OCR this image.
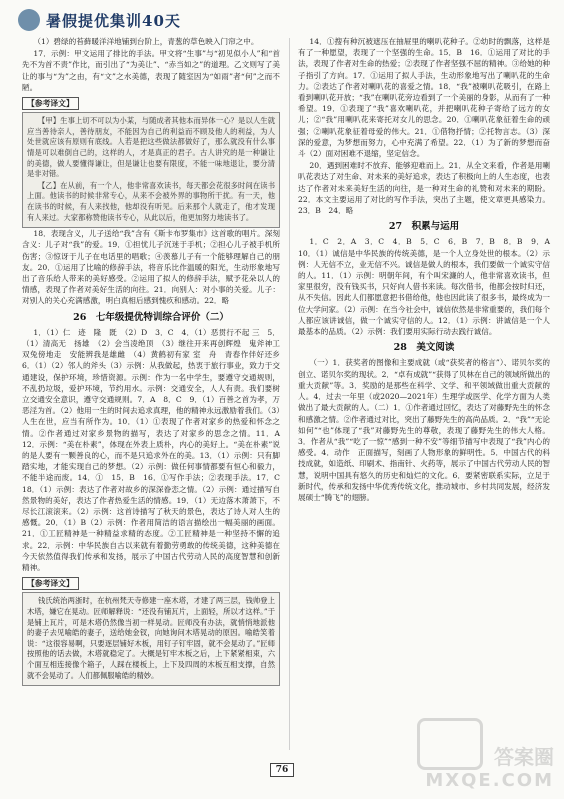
暑假提优集训40天

（1）碧绿的苔藓暖洋洋地铺到台阶上，青葱的草色映入门帘之中。

17．示例：甲文运用了排比的手法。甲文将“生事”与“初见似小人”和“首先不为首不责”作比，而引出了“为美让”、“赤当如之”的道理。乙文则写了美让的事与“为”之由，有“文”之水美德，表现了随室因为“如雨”者“何”之而不陋。

【参考译文】

【甲】生事上切不可以为小某，与随成者其他本而异体一心？是以人生就应当善待亲人，善待朋友，不能因为自己的利益而不顾及他人的利益，为人处世就应该有原则有底线。人若是把这些做法都做好了，那么就没有什么事情是可以难倒自己的，这样的人，才是真正的君子。古人讲究的是一种谦让的美德，做人要懂得谦让，但是谦让也要有限度，不能一味地退让，要分清是非对错。

【乙】在从前，有一个人，他非常喜欢读书，每天都会花很多时间在读书上面。他读书的时候非常专心，从来不会被外界的事物所干扰。有一天，他在读书的时候，有人来找他，他却没有听见。后来那个人就走了，他才发现有人来过。大家都称赞他读书专心，从此以后，他更加努力地读书了。

18．表现含义，儿子送给“我”含有《斯卡布罗集市》这首歌的唱片。深刻含义：儿子对“我”的爱。19．①担忧儿子沉迷于手机；②担心儿子被手机所伤害；③惊讶于儿子在电话里的唱歌；④羡慕儿子有一个能够理解自己的朋友。20．①运用了比喻的修辞手法，将音乐比作温暖的阳光，生动形象地写出了音乐给人带来的美好感受。②运用了拟人的修辞手法，赋予花朵以人的情感，表现了作者对美好生活的向往。21．向别人：对小事的关爱。儿子：对别人的关心充满感激，明白真相后感到愧疚和感动。22．略

26　七年级提优特训综合评价（二）

1．（1）仁　迹　隆　既　（2）D　3．C　4．（1）恶贯行不起 三　5．（1）清高无　扬雄　（2）会当凌绝顶　（3）继往开来再创辉煌　鬼斧神工　双兔傍地走　安能辨我是雄雌　（4）黄鹤初有家 室　舟　青春作伴好还乡　6．（1）（2）邻人的斧头（3）示例：从我做起，热衷于旅行事业，致力于交通建设，保护环境，珍惜资源。示例：作为一名中学生，要遵守交通规则，不乱扔垃圾，爱护环境，节约用水。示例：交通安全，人人有责。我们要树立交通安全意识，遵守交通规则。7．A　8．C　9．（1）百善之首为孝，万恶淫为首。（2）他用一生的时间去追求真理，他的精神永远激励着我们。（3）人生在世，应当有所作为。10．（1）①表现了作者对家乡的热爱和怀念之情。②作者通过对家乡景物的描写，表达了对家乡的思念之情。11．A　12．示例：“美在朴素”，体现在外表上质朴，内心的美好上。“美在朴素”说的是人要有一颗善良的心，而不是只追求外在的美。13．（1）示例：只有脚踏实地，才能实现自己的梦想。（2）示例：做任何事情都要有恒心和毅力，不能半途而废。14．①　15．B　16．①写作手法；②表现手法。17．C　18．（1）示例：表达了作者对故乡的深深眷恋之情。（2）示例：通过描写自然景物的美好，表达了作者热爱生活的情感。19．（1）无边落木萧萧下，不尽长江滚滚来。（2）示例：这首诗描写了秋天的景色，表达了诗人对人生的感慨。20．（1）B（2）示例：作者用简洁的语言描绘出一幅美丽的画面。21．①工匠精神是一种精益求精的态度。②工匠精神是一种坚持不懈的追求。22．示例：中华民族自古以来就有着勤劳勇敢的传统美德，这种美德在今天依然值得我们传承和发扬，展示了中国古代劳动人民的高度智慧和创新精神。

【参考译文】

钱氏统治两浙时，在杭州梵天寺修建一座木塔，才建了两三层，钱帅登上木塔，嫌它在晃动。匠师解释说：“还没有铺瓦片，上面轻，所以才这样。”于是铺上瓦片，可是木塔仍然像当初一样晃动。匠师没有办法，就悄悄地派他的妻子去见喻皓的妻子，送给她金钗，向她询问木塔晃动的原因。喻皓笑着说：“这很容易啊，只要逐层铺好木板，用钉子钉牢固，就不会晃动了。”匠师按照他的话去做，木塔就稳定了。大概是钉牢木板之后，上下紧紧相束，六个面互相连接像个箱子，人踩在楼板上，上下及四周的木板互相支撑，自然就不会晃动了。人们都佩服喻皓的精妙。

14．①搜有种沉被遮压在抽屉里的喇叭花种子。②幼时的飘落，这样是有了一种愿望，表现了一个坚强的生命。15．B　16．①运用了对比的手法，表现了作者对生命的热爱；②表现了作者坚强不屈的精神。③给她的种子指引了方向。17．①运用了拟人手法，生动形象地写出了喇叭花的生命力。②表达了作者对喇叭花的喜爱之情。18．“我”被喇叭花吸引，在路上看到喇叭花开放；“我”在喇叭花旁边看到了一个美丽的身影，从而有了一种希望。19．①表现了“我”喜欢喇叭花，并把喇叭花种子寄给了远方的女儿；②“我”用喇叭花来寄托对女儿的思念。20．①喇叭花象征着生命的顽强；②喇叭花象征着母爱的伟大。21．①借物抒情；②托物言志。（3）深深的爱意，为梦想而努力，心中充满了希望。22．（1）为了新的梦想而奋斗（2）面对困难不退缩，坚定信念。

20．遇到困难时不放弃、能够迎难而上。21．从全文来看，作者是用喇叭花表达了对生命、对未来的美好追求，表达了积极向上的人生态度，也表达了作者对未来美好生活的向往，是一种对生命的礼赞和对未来的期盼。22．本文主要运用了对比的写作手法，突出了主题，使文章更具感染力。23．B　24．略

27　积累与运用

1．C　2．A　3．C　4．B　5．C　6．B　7．B　8．B　9．A　10．（1）诚信是中华民族的传统美德，是一个人立身处世的根本。（2）示例：人无信不立，业无信不兴。诚信是做人的根本，我们要做一个诚实守信的人。11．（1）示例：明朝年间，有个叫宋濂的人，他非常喜欢读书，但家里很穷，没有钱买书，只好向人借书来读。每次借书，他都会按时归还，从不失信。因此人们都愿意把书借给他，他也因此读了很多书，最终成为一位大学问家。（2）示例：在当今社会中，诚信依然是非常重要的，我们每个人都应该讲诚信，做一个诚实守信的人。12．（1）示例：讲诚信是一个人最基本的品质。（2）示例：我们要用实际行动去践行诚信。

28　美文阅读

（一）1．获奖者的图像和主要成就（或“获奖者的格言”）、诺贝尔奖的创立、诺贝尔奖的现状。2．“卓有成就”“获得了贝林在自己的领域所做出的重大贡献”等。3．奖励的是那些在科学、文学、和平领域做出重大贡献的人。4．过去一年里（或2020—2021年）生理学或医学、化学方面为人类做出了最大贡献的人。（二）1．①作者通过回忆，表达了对藤野先生的怀念和感激之情。②作者通过对比，突出了藤野先生的高尚品质。2．“我”“无论如何”“也”体现了“我”对藤野先生的尊敬，表现了藤野先生的伟大人格。3．作者从“我”“吃了一惊”“感到一种不安”等细节描写中表现了“我”内心的感受。4．动作　正面描写，刻画了人物形象的鲜明性。5．中国古代的科技成就，如造纸、印刷术、指南针、火药等，展示了中国古代劳动人民的智慧，说明中国具有悠久的历史和灿烂的文化。6．要紧密联系实际，立足于新时代，传承和发扬中华优秀传统文化，推动城市、乡村共同发展，经济发展硕士“腾飞”的翅膀。

76
答案圈
MXQE.COM
